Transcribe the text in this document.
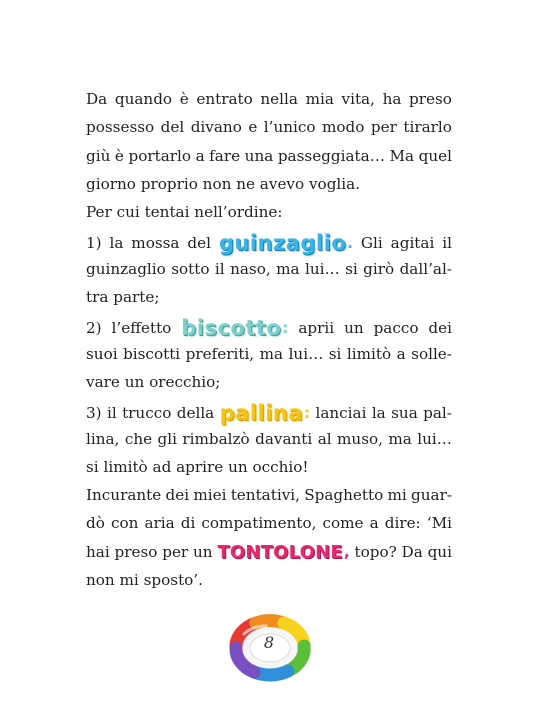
Da quando è entrato nella mia vita, ha preso
possesso del divano e l’unico modo per tirarlo
giù è portarlo a fare una passeggiata… Ma quel
giorno proprio non ne avevo voglia.
Per cui tentai nell’ordine:
1) la mossa del guinzaglio . Gli agitai il
guinzaglio sotto il naso, ma lui… si girò dall’al-
tra parte;
2) l’effetto biscotto : aprii un pacco dei
suoi biscotti preferiti, ma lui… si limitò a solle-
vare un orecchio;
3) il trucco della pallina : lanciai la sua pal-
lina, che gli rimbalzò davanti al muso, ma lui…
si limitò ad aprire un occhio!
Incurante dei miei tentativi, Spaghetto mi guar-
dò con aria di compatimento, come a dire: ‘Mi
hai preso per un TONTOLONE , topo? Da qui
non mi sposto’.
8
